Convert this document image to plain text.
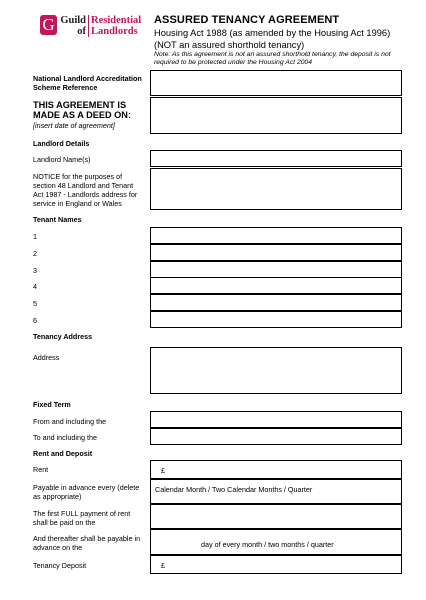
G Guild
of
Residential
Landlords
ASSURED TENANCY AGREEMENT
Housing Act 1988 (as amended by the Housing Act 1996)
(NOT an assured shorthold tenancy)
Note: As this agreement is not an assured shorthold tenancy, the deposit is not required to be protected under the Housing Act 2004
National Landlord Accreditation Scheme Reference
THIS AGREEMENT IS MADE AS A DEED ON:
[insert date of agreement]
Landlord Details
Landlord Name(s)
NOTICE for the purposes of section 48 Landlord and Tenant Act 1987 - Landlords address for service in England or Wales
Tenant Names
1
2
3
4
5
6
Tenancy Address
Address
Fixed Term
From and including the
To and including the
Rent and Deposit
Rent	£
Payable in advance every (delete as appropriate)
Calendar Month / Two Calendar Months / Quarter
The first FULL payment of rent shall be paid on the
And thereafter shall be payable in advance on the	day of every month / two months / quarter
Tenancy Deposit	£
